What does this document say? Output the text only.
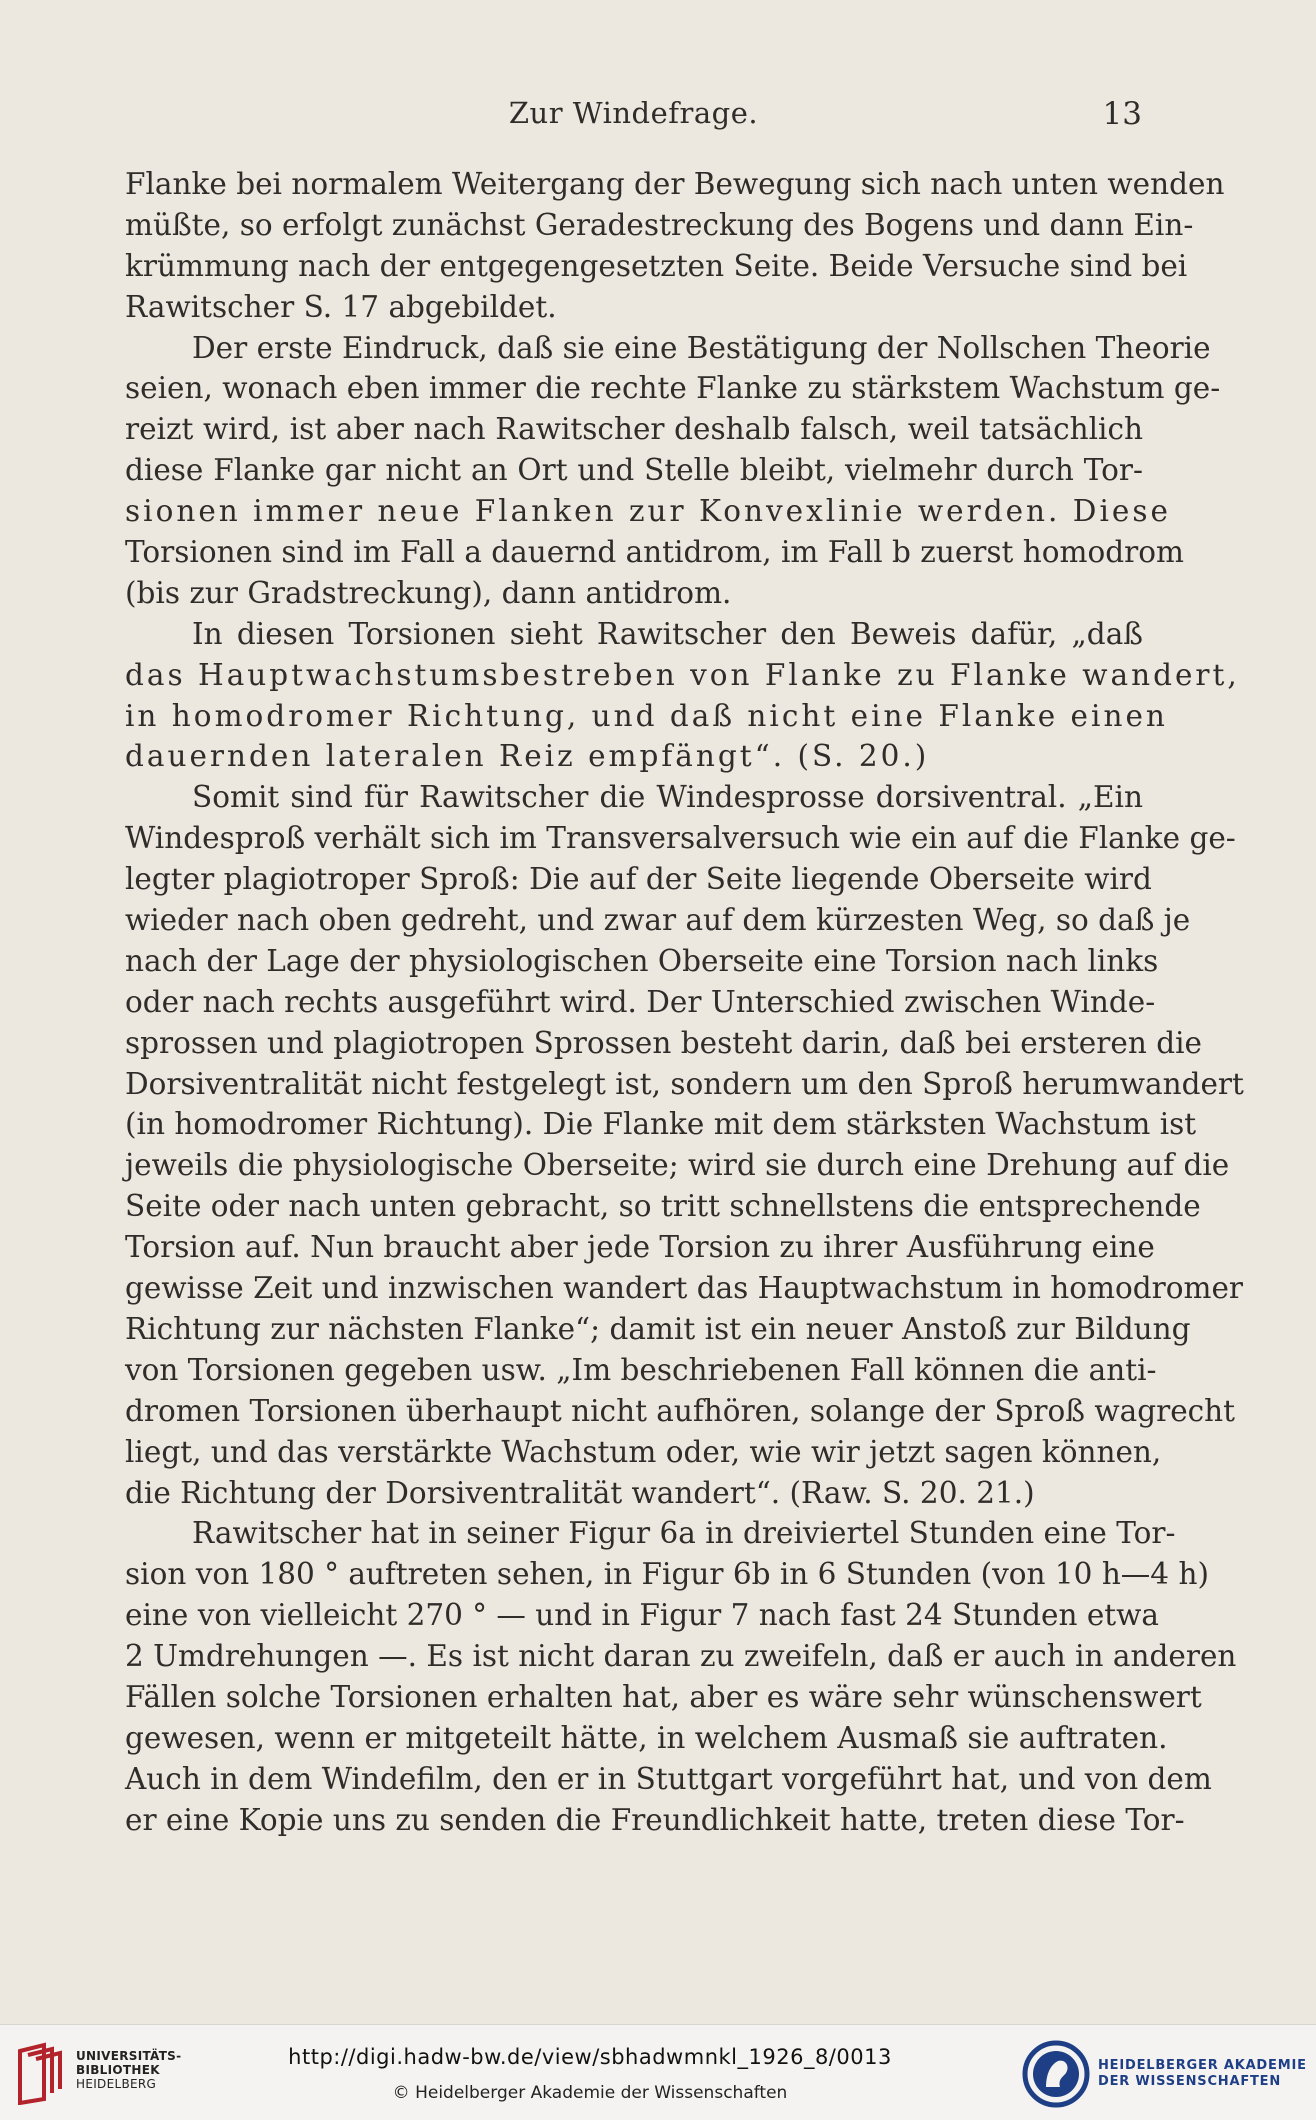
Zur Windefrage.	13
Flanke bei normalem Weitergang der Bewegung sich nach unten wenden
müßte, so erfolgt zunächst Geradestreckung des Bogens und dann Ein-
krümmung nach der entgegengesetzten Seite. Beide Versuche sind bei
Rawitscher S. 17 abgebildet.
Der erste Eindruck, daß sie eine Bestätigung der Nollschen Theorie
seien, wonach eben immer die rechte Flanke zu stärkstem Wachstum ge-
reizt wird, ist aber nach Rawitscher deshalb falsch, weil tatsächlich
diese Flanke gar nicht an Ort und Stelle bleibt, vielmehr durch Tor-
sionen immer neue Flanken zur Konvexlinie werden. Diese
Torsionen sind im Fall a dauernd antidrom, im Fall b zuerst homodrom
(bis zur Gradstreckung), dann antidrom.
In diesen Torsionen sieht Rawitscher den Beweis dafür, „daß
das Hauptwachstumsbestreben von Flanke zu Flanke wandert,
in homodromer Richtung, und daß nicht eine Flanke einen
dauernden lateralen Reiz empfängt“. (S. 20.)
Somit sind für Rawitscher die Windesprosse dorsiventral. „Ein
Windesproß verhält sich im Transversalversuch wie ein auf die Flanke ge-
legter plagiotroper Sproß: Die auf der Seite liegende Oberseite wird
wieder nach oben gedreht, und zwar auf dem kürzesten Weg, so daß je
nach der Lage der physiologischen Oberseite eine Torsion nach links
oder nach rechts ausgeführt wird. Der Unterschied zwischen Winde-
sprossen und plagiotropen Sprossen besteht darin, daß bei ersteren die
Dorsiventralität nicht festgelegt ist, sondern um den Sproß herumwandert
(in homodromer Richtung). Die Flanke mit dem stärksten Wachstum ist
jeweils die physiologische Oberseite; wird sie durch eine Drehung auf die
Seite oder nach unten gebracht, so tritt schnellstens die entsprechende
Torsion auf. Nun braucht aber jede Torsion zu ihrer Ausführung eine
gewisse Zeit und inzwischen wandert das Hauptwachstum in homodromer
Richtung zur nächsten Flanke“; damit ist ein neuer Anstoß zur Bildung
von Torsionen gegeben usw. „Im beschriebenen Fall können die anti-
dromen Torsionen überhaupt nicht aufhören, solange der Sproß wagrecht
liegt, und das verstärkte Wachstum oder, wie wir jetzt sagen können,
die Richtung der Dorsiventralität wandert“. (Raw. S. 20. 21.)
Rawitscher hat in seiner Figur 6a in dreiviertel Stunden eine Tor-
sion von 180 ° auftreten sehen, in Figur 6b in 6 Stunden (von 10 h—4 h)
eine von vielleicht 270 ° — und in Figur 7 nach fast 24 Stunden etwa
2 Umdrehungen —. Es ist nicht daran zu zweifeln, daß er auch in anderen
Fällen solche Torsionen erhalten hat, aber es wäre sehr wünschenswert
gewesen, wenn er mitgeteilt hätte, in welchem Ausmaß sie auftraten.
Auch in dem Windefilm, den er in Stuttgart vorgeführt hat, und von dem
er eine Kopie uns zu senden die Freundlichkeit hatte, treten diese Tor-
UNIVERSITÄTS-
BIBLIOTHEK
HEIDELBERG
http://digi.hadw-bw.de/view/sbhadwmnkl_1926_8/0013
© Heidelberger Akademie der Wissenschaften
HEIDELBERGER AKADEMIE
DER WISSENSCHAFTEN
